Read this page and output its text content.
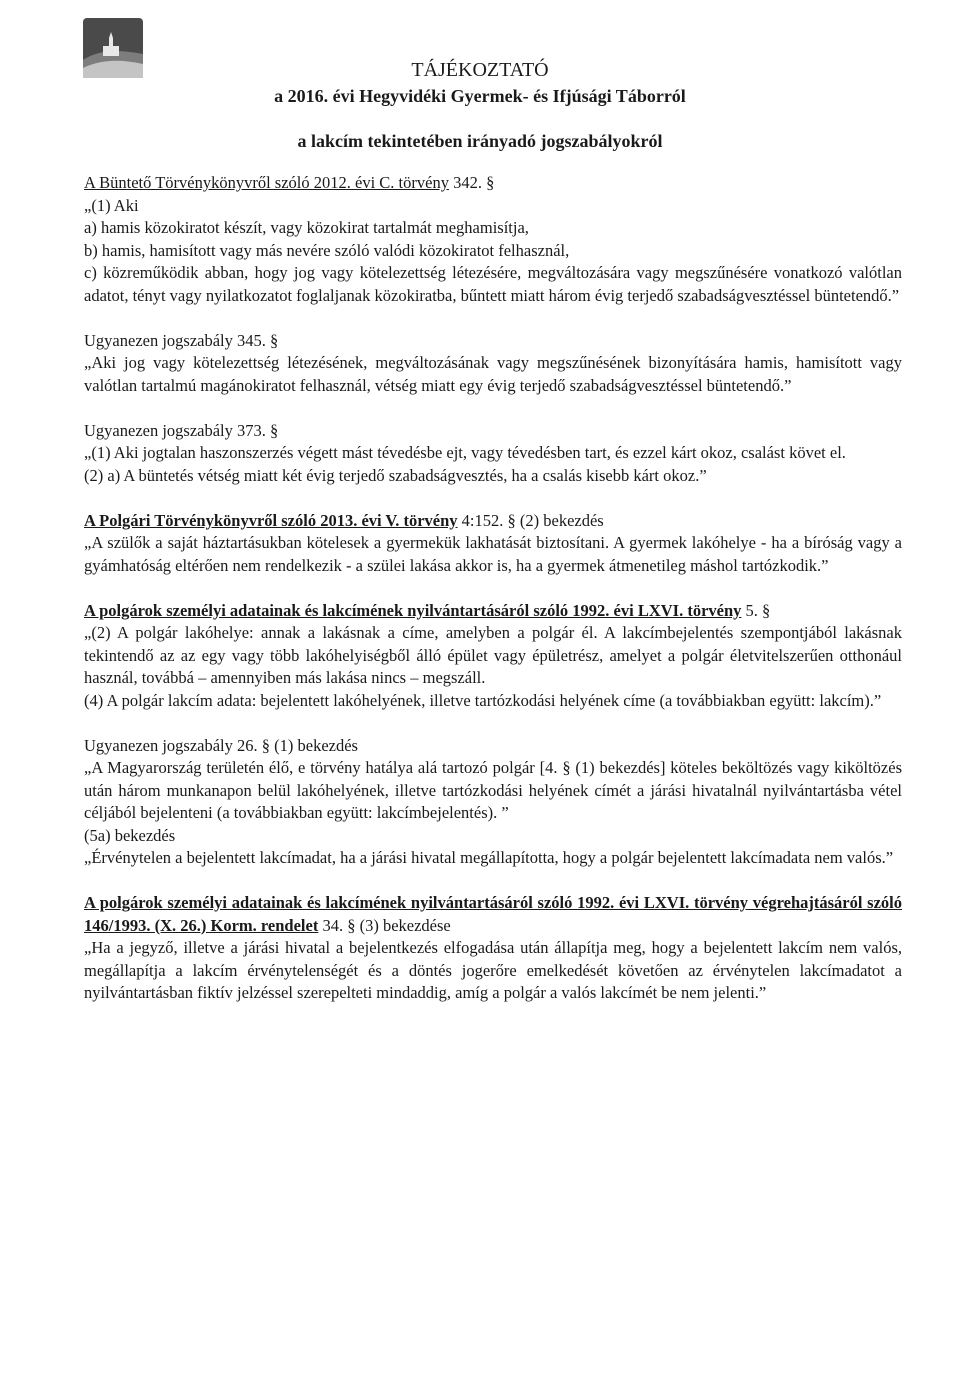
TÁJÉKOZTATÓ
a 2016. évi Hegyvidéki Gyermek- és Ifjúsági Táborról
a lakcím tekintetében irányadó jogszabályokról

A Büntető Törvénykönyvről szóló 2012. évi C. törvény 342. §

„(1) Aki

a) hamis közokiratot készít, vagy közokirat tartalmát meghamisítja,

b) hamis, hamisított vagy más nevére szóló valódi közokiratot felhasznál,

c) közreműködik abban, hogy jog vagy kötelezettség létezésére, megváltozására vagy megszűnésére vonatkozó valótlan adatot, tényt vagy nyilatkozatot foglaljanak közokiratba, bűntett miatt három évig terjedő szabadságvesztéssel büntetendő.”

Ugyanezen jogszabály 345. §

„Aki jog vagy kötelezettség létezésének, megváltozásának vagy megszűnésének bizonyítására hamis, hamisított vagy valótlan tartalmú magánokiratot felhasznál, vétség miatt egy évig terjedő szabadságvesztéssel büntetendő.”

Ugyanezen jogszabály 373. §

„(1) Aki jogtalan haszonszerzés végett mást tévedésbe ejt, vagy tévedésben tart, és ezzel kárt okoz, csalást követ el.

(2) a) A büntetés vétség miatt két évig terjedő szabadságvesztés, ha a csalás kisebb kárt okoz.”

A Polgári Törvénykönyvről szóló 2013. évi V. törvény 4:152. § (2) bekezdés

„A szülők a saját háztartásukban kötelesek a gyermekük lakhatását biztosítani. A gyermek lakóhelye - ha a bíróság vagy a gyámhatóság eltérően nem rendelkezik - a szülei lakása akkor is, ha a gyermek átmenetileg máshol tartózkodik.”

A polgárok személyi adatainak és lakcímének nyilvántartásáról szóló 1992. évi LXVI. törvény 5. §

„(2) A polgár lakóhelye: annak a lakásnak a címe, amelyben a polgár él. A lakcímbejelentés szempontjából lakásnak tekintendő az az egy vagy több lakóhelyiségből álló épület vagy épületrész, amelyet a polgár életvitelszerűen otthonául használ, továbbá – amennyiben más lakása nincs – megszáll.

(4) A polgár lakcím adata: bejelentett lakóhelyének, illetve tartózkodási helyének címe (a továbbiakban együtt: lakcím).”

Ugyanezen jogszabály 26. § (1) bekezdés

„A Magyarország területén élő, e törvény hatálya alá tartozó polgár [4. § (1) bekezdés] köteles beköltözés vagy kiköltözés után három munkanapon belül lakóhelyének, illetve tartózkodási helyének címét a járási hivatalnál nyilvántartásba vétel céljából bejelenteni (a továbbiakban együtt: lakcímbejelentés). ”

(5a) bekezdés

„Érvénytelen a bejelentett lakcímadat, ha a járási hivatal megállapította, hogy a polgár bejelentett lakcímadata nem valós.”

A polgárok személyi adatainak és lakcímének nyilvántartásáról szóló 1992. évi LXVI. törvény végrehajtásáról szóló 146/1993. (X. 26.) Korm. rendelet 34. § (3) bekezdése

„Ha a jegyző, illetve a járási hivatal a bejelentkezés elfogadása után állapítja meg, hogy a bejelentett lakcím nem valós, megállapítja a lakcím érvénytelenségét és a döntés jogerőre emelkedését követően az érvénytelen lakcímadatot a nyilvántartásban fiktív jelzéssel szerepelteti mindaddig, amíg a polgár a valós lakcímét be nem jelenti.”
